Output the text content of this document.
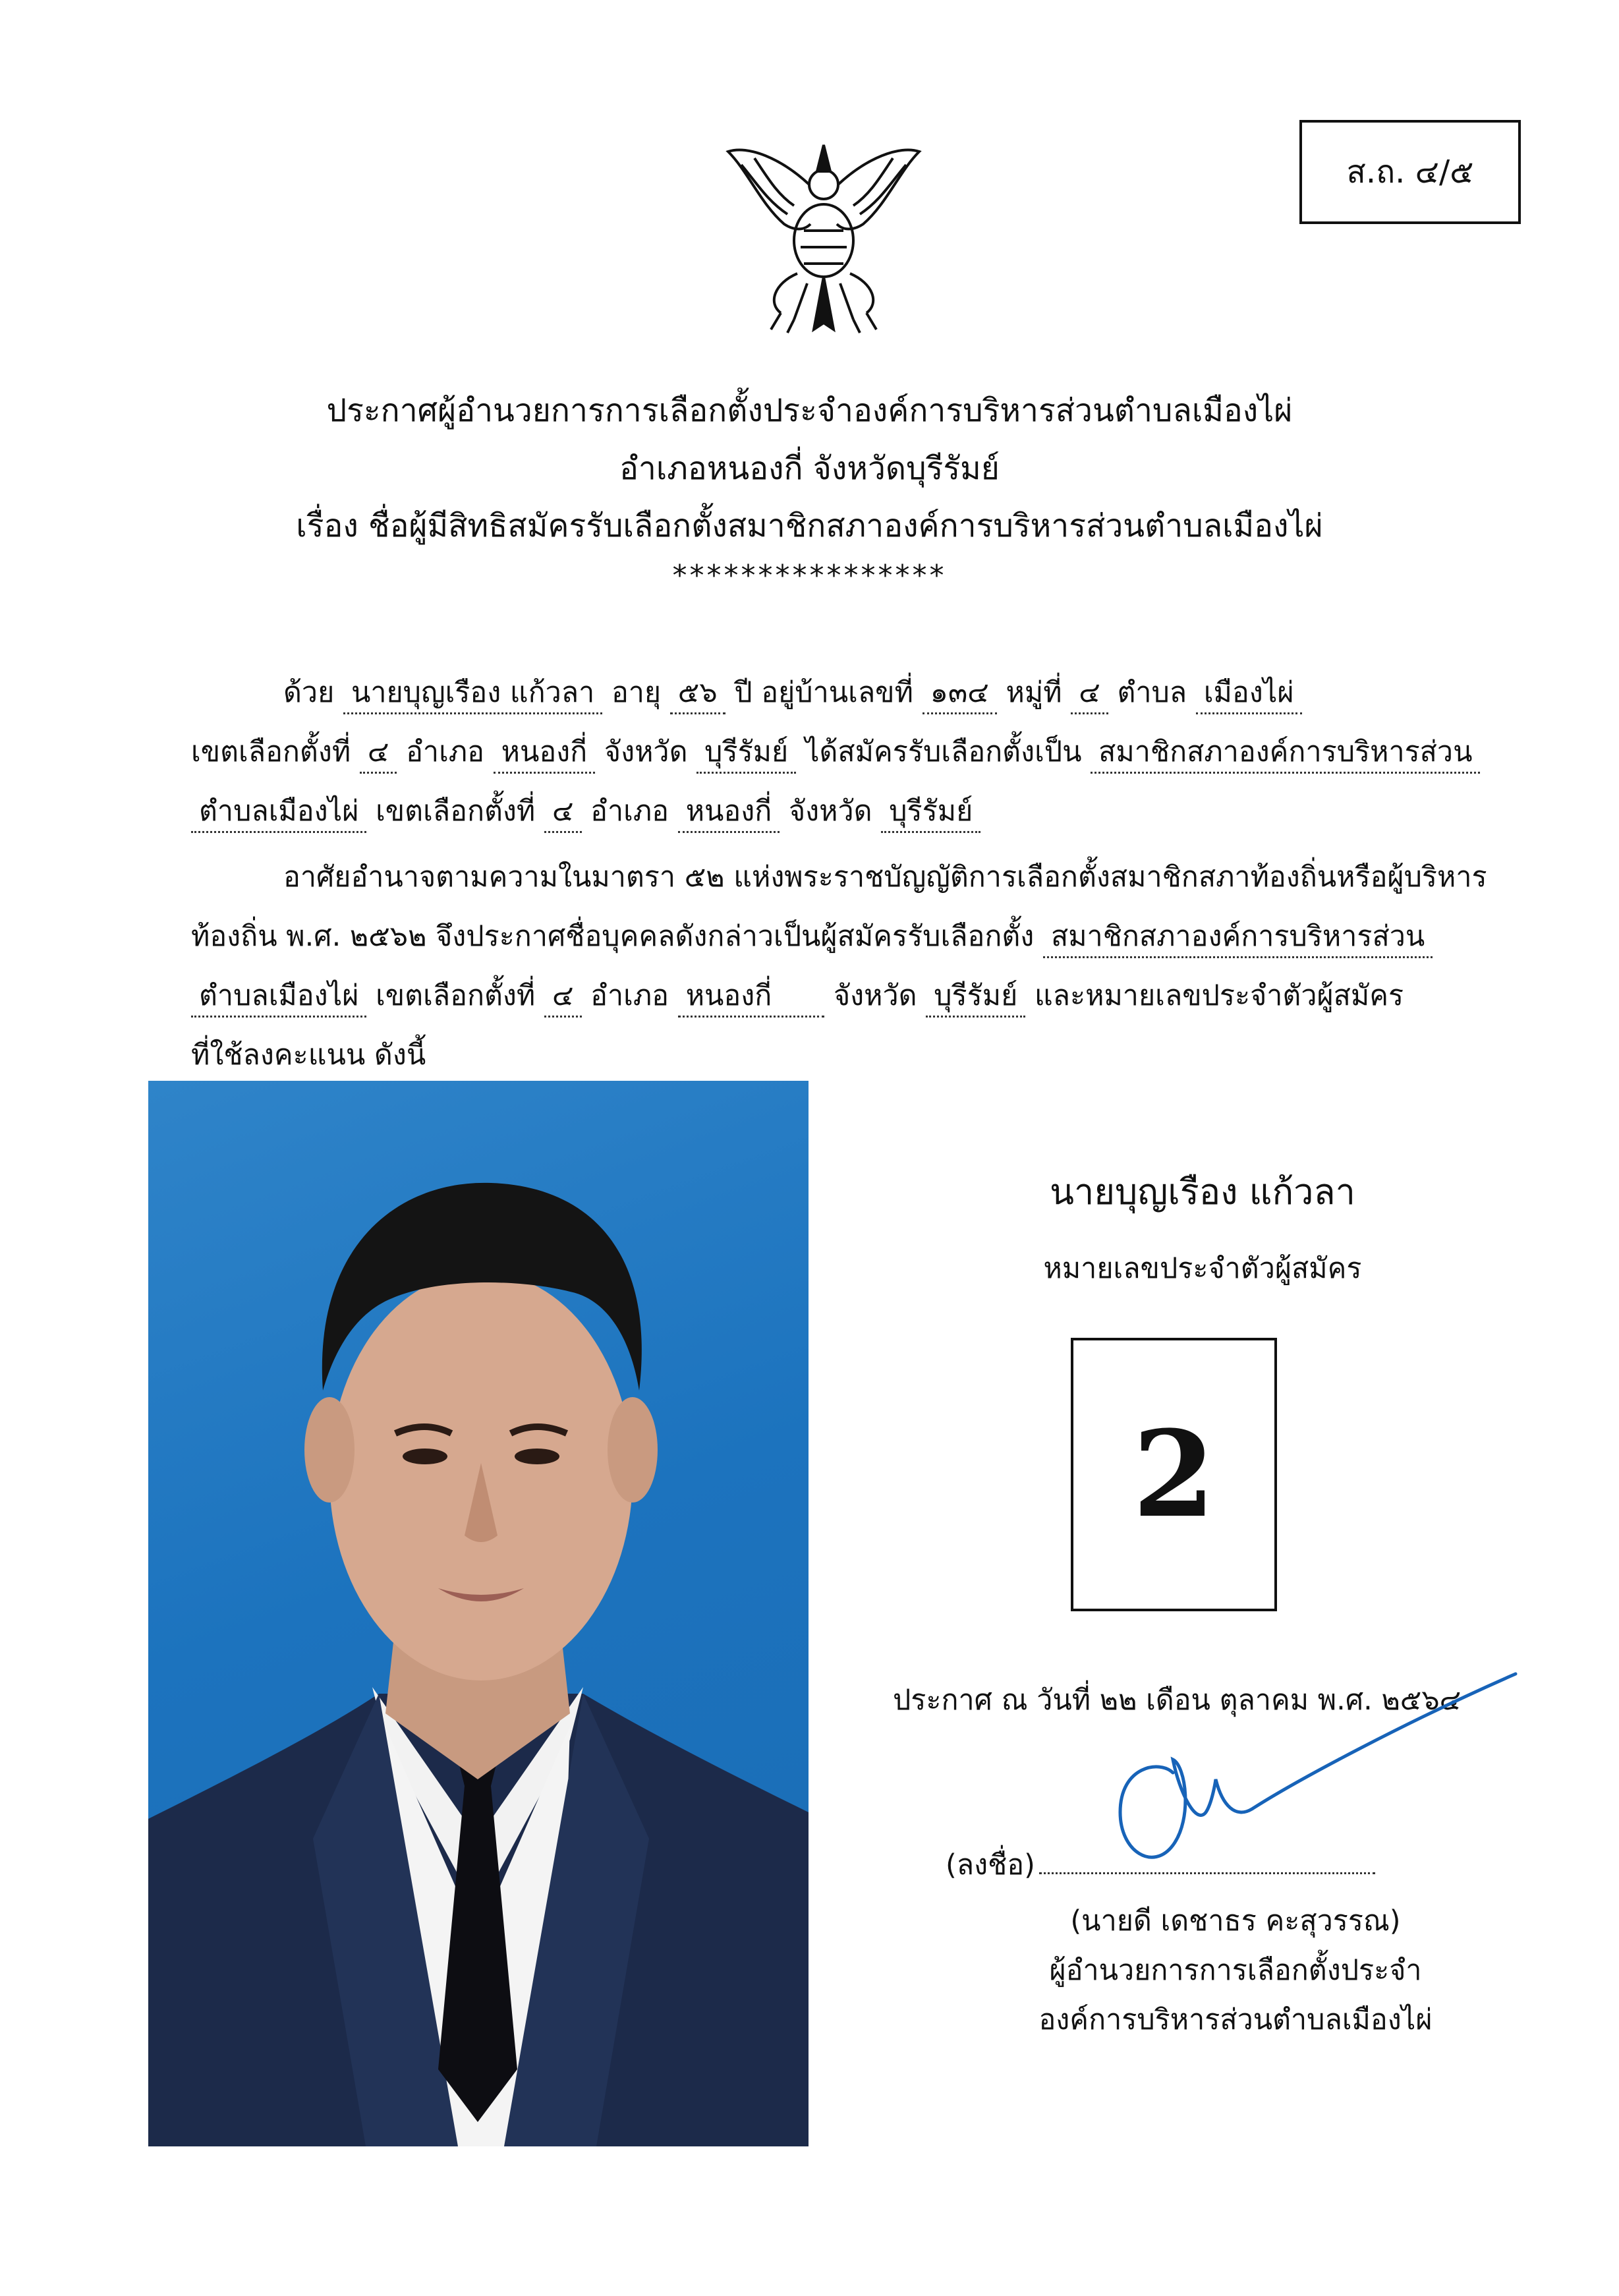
ส.ถ. ๔/๕
ประกาศผู้อำนวยการการเลือกตั้งประจำองค์การบริหารส่วนตำบลเมืองไผ่
อำเภอหนองกี่ จังหวัดบุรีรัมย์
เรื่อง ชื่อผู้มีสิทธิสมัครรับเลือกตั้งสมาชิกสภาองค์การบริหารส่วนตำบลเมืองไผ่
****************
ด้วย นายบุญเรือง แก้วลา อายุ ๕๖ ปี อยู่บ้านเลขที่ ๑๓๔ หมู่ที่ ๔ ตำบล เมืองไผ่
เขตเลือกตั้งที่ ๔ อำเภอ หนองกี่ จังหวัด บุรีรัมย์ ได้สมัครรับเลือกตั้งเป็น สมาชิกสภาองค์การบริหารส่วน
ตำบลเมืองไผ่ เขตเลือกตั้งที่ ๔ อำเภอ หนองกี่ จังหวัด บุรีรัมย์
อาศัยอำนาจตามความในมาตรา ๕๒ แห่งพระราชบัญญัติการเลือกตั้งสมาชิกสภาท้องถิ่นหรือผู้บริหาร
ท้องถิ่น พ.ศ. ๒๕๖๒ จึงประกาศชื่อบุคคลดังกล่าวเป็นผู้สมัครรับเลือกตั้ง สมาชิกสภาองค์การบริหารส่วน
ตำบลเมืองไผ่ เขตเลือกตั้งที่ ๔ อำเภอ หนองกี่ จังหวัด บุรีรัมย์ และหมายเลขประจำตัวผู้สมัคร
ที่ใช้ลงคะแนน ดังนี้
นายบุญเรือง แก้วลา
หมายเลขประจำตัวผู้สมัคร
2
ประกาศ ณ วันที่ ๒๒ เดือน ตุลาคม พ.ศ. ๒๕๖๔
(ลงชื่อ)
(นายดี เดชาธร คะสุวรรณ)
ผู้อำนวยการการเลือกตั้งประจำ
องค์การบริหารส่วนตำบลเมืองไผ่
